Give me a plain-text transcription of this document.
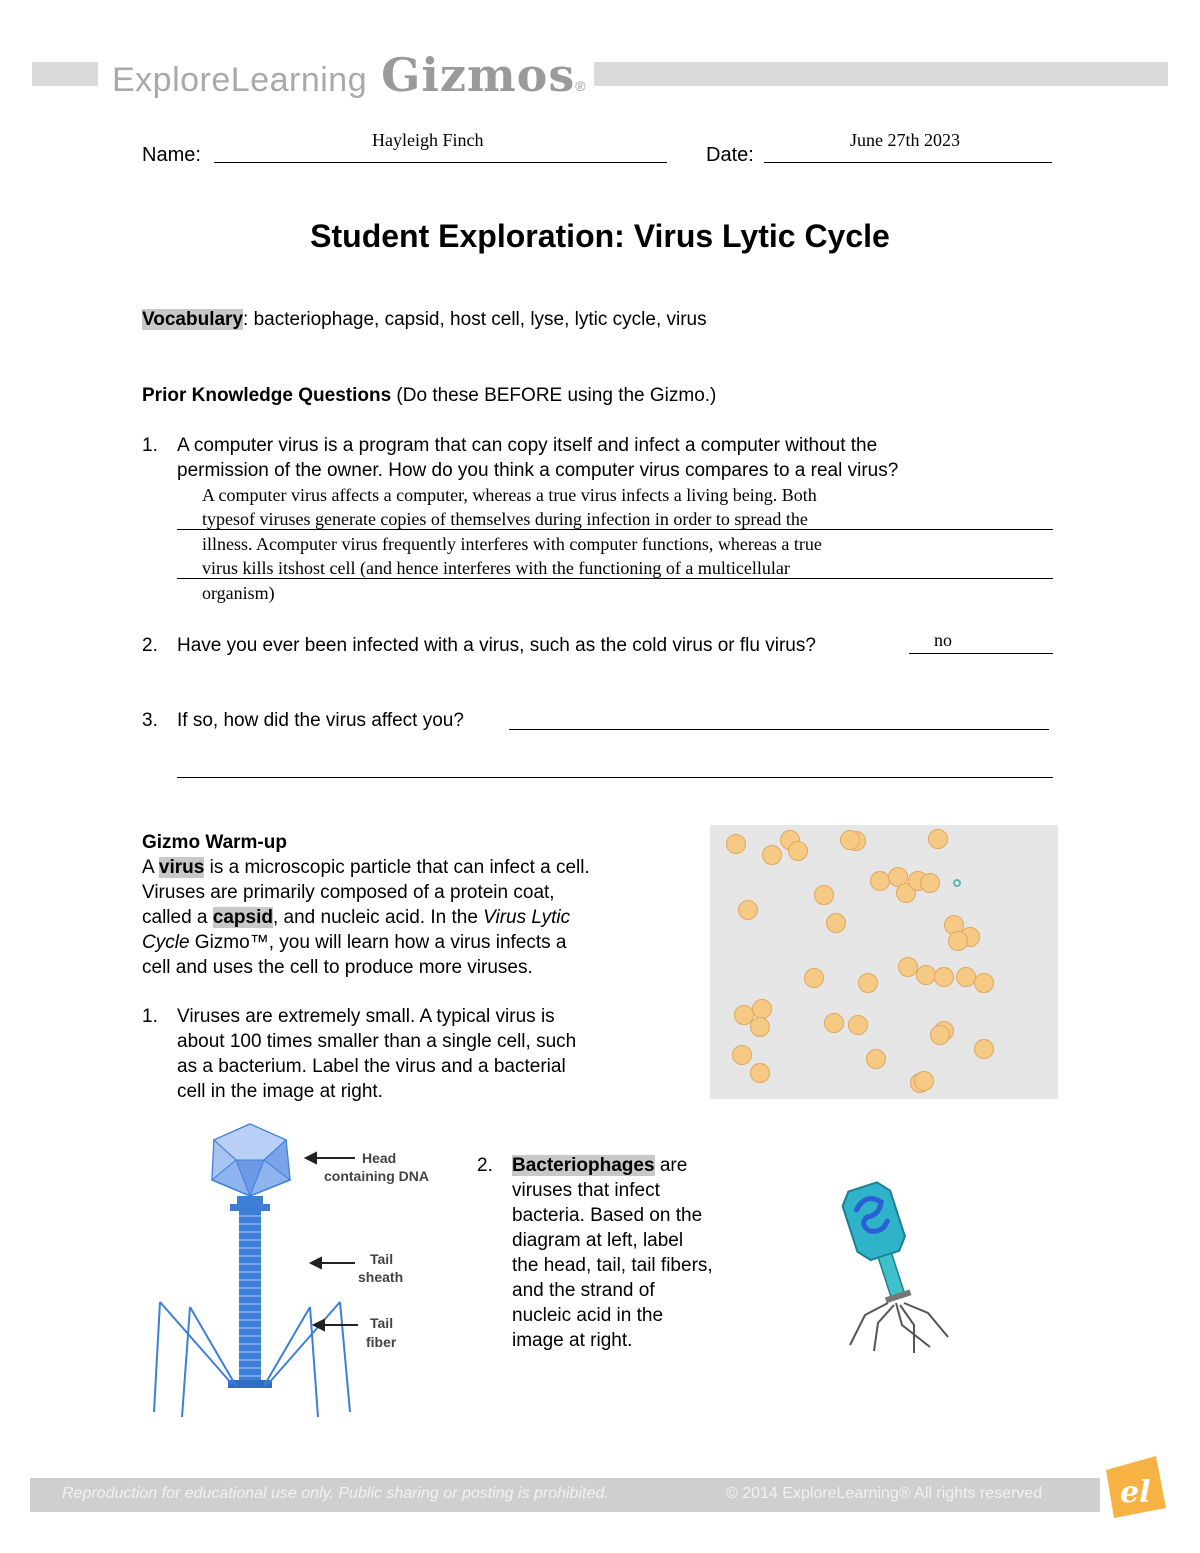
ExploreLearning Gizmos ®
Name:
Hayleigh Finch
Date:
June 27th 2023
Student Exploration: Virus Lytic Cycle
Vocabulary: bacteriophage, capsid, host cell, lyse, lytic cycle, virus
Prior Knowledge Questions (Do these BEFORE using the Gizmo.)
1. A computer virus is a program that can copy itself and infect a computer without the
permission of the owner. How do you think a computer virus compares to a real virus?
A computer virus affects a computer, whereas a true virus infects a living being. Both
typesof viruses generate copies of themselves during infection in order to spread the
illness. Acomputer virus frequently interferes with computer functions, whereas a true
virus kills itshost cell (and hence interferes with the functioning of a multicellular
organism)
2. Have you ever been infected with a virus, such as the cold virus or flu virus?	no
3. If so, how did the virus affect you?
Gizmo Warm-up
A virus is a microscopic particle that can infect a cell.
Viruses are primarily composed of a protein coat,
called a capsid, and nucleic acid. In the Virus Lytic
Cycle Gizmo™, you will learn how a virus infects a
cell and uses the cell to produce more viruses.
1. Viruses are extremely small. A typical virus is
about 100 times smaller than a single cell, such
as a bacterium. Label the virus and a bacterial
cell in the image at right.
Head
containing DNA
Tail
sheath
Tail
fiber
2. Bacteriophages are
viruses that infect
bacteria. Based on the
diagram at left, label
the head, tail, tail fibers,
and the strand of
nucleic acid in the
image at right.
Reproduction for educational use only. Public sharing or posting is prohibited.	© 2014 ExploreLearning® All rights reserved	el
